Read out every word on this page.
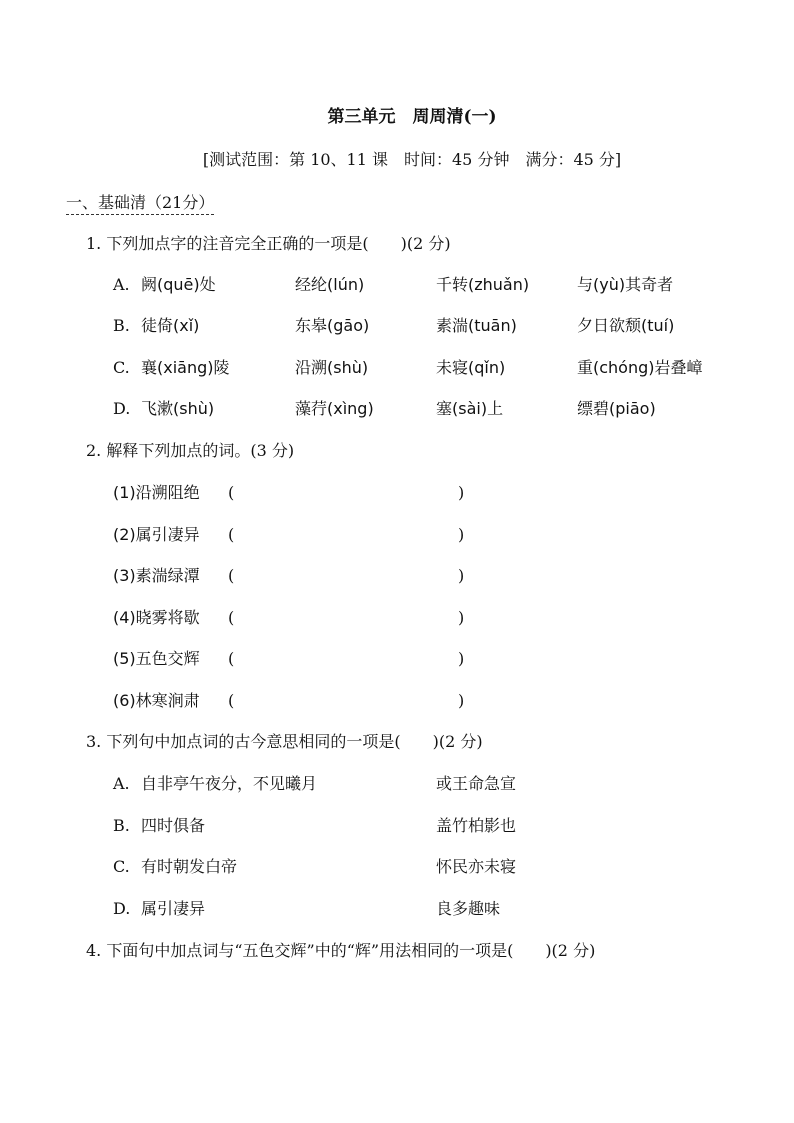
第三单元　周周清(一)
[测试范围：第 10、11 课　时间：45 分钟　满分：45 分]
一、基础清（21分）
1. 下列加点字的注音完全正确的一项是(　　)(2 分)
A. 阙(quē)处	经纶(lún)	千转(zhuǎn)	与(yù)其奇者
B. 徒倚(xǐ)	东皋(gāo)	素湍(tuān)	夕日欲颓(tuí)
C. 襄(xiāng)陵	沿溯(shù)	未寝(qǐn)	重(chóng)岩叠嶂
D. 飞漱(shù)	藻荇(xìng)	塞(sài)上	缥碧(piāo)
2. 解释下列加点的词。(3 分)
(1)沿溯阻绝 (	)
(2)属引凄异 (	)
(3)素湍绿潭 (	)
(4)晓雾将歇 (	)
(5)五色交辉 (	)
(6)林寒涧肃 (	)
3. 下列句中加点词的古今意思相同的一项是(　　)(2 分)
A. 自非亭午夜分，不见曦月	或王命急宣
B. 四时俱备	盖竹柏影也
C. 有时朝发白帝	怀民亦未寝
D. 属引凄异	良多趣味
4. 下面句中加点词与“五色交辉”中的“辉”用法相同的一项是(　　)(2 分)
